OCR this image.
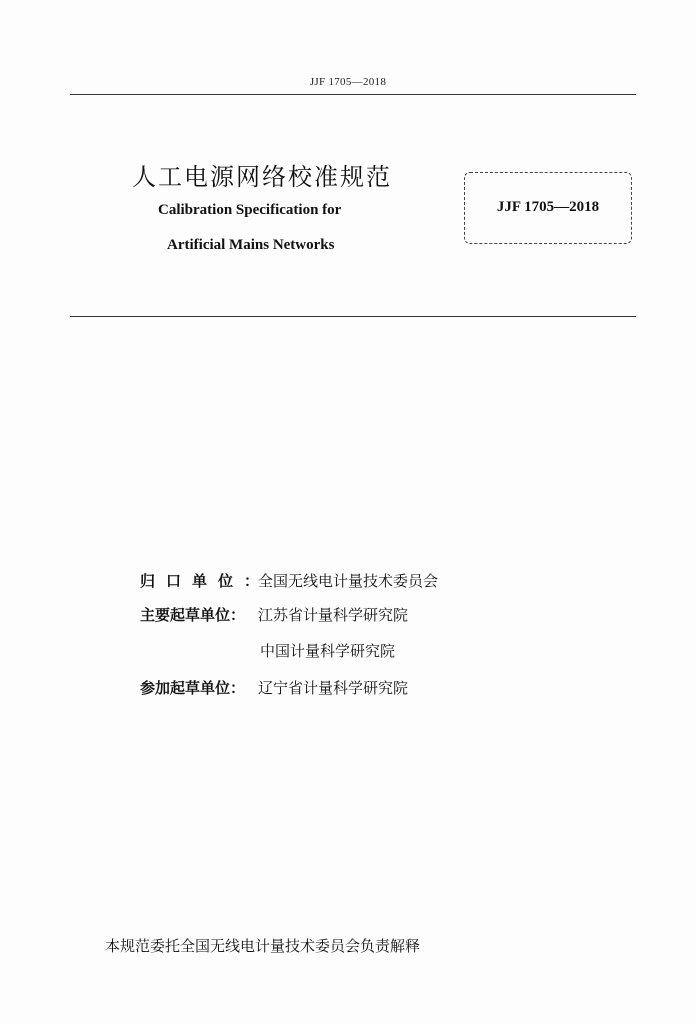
JJF 1705—2018
人工电源网络校准规范
Calibration Specification for
Artificial Mains Networks
JJF 1705—2018
归口单位：全国无线电计量技术委员会
主要起草单位： 江苏省计量科学研究院
中国计量科学研究院
参加起草单位： 辽宁省计量科学研究院
本规范委托全国无线电计量技术委员会负责解释
